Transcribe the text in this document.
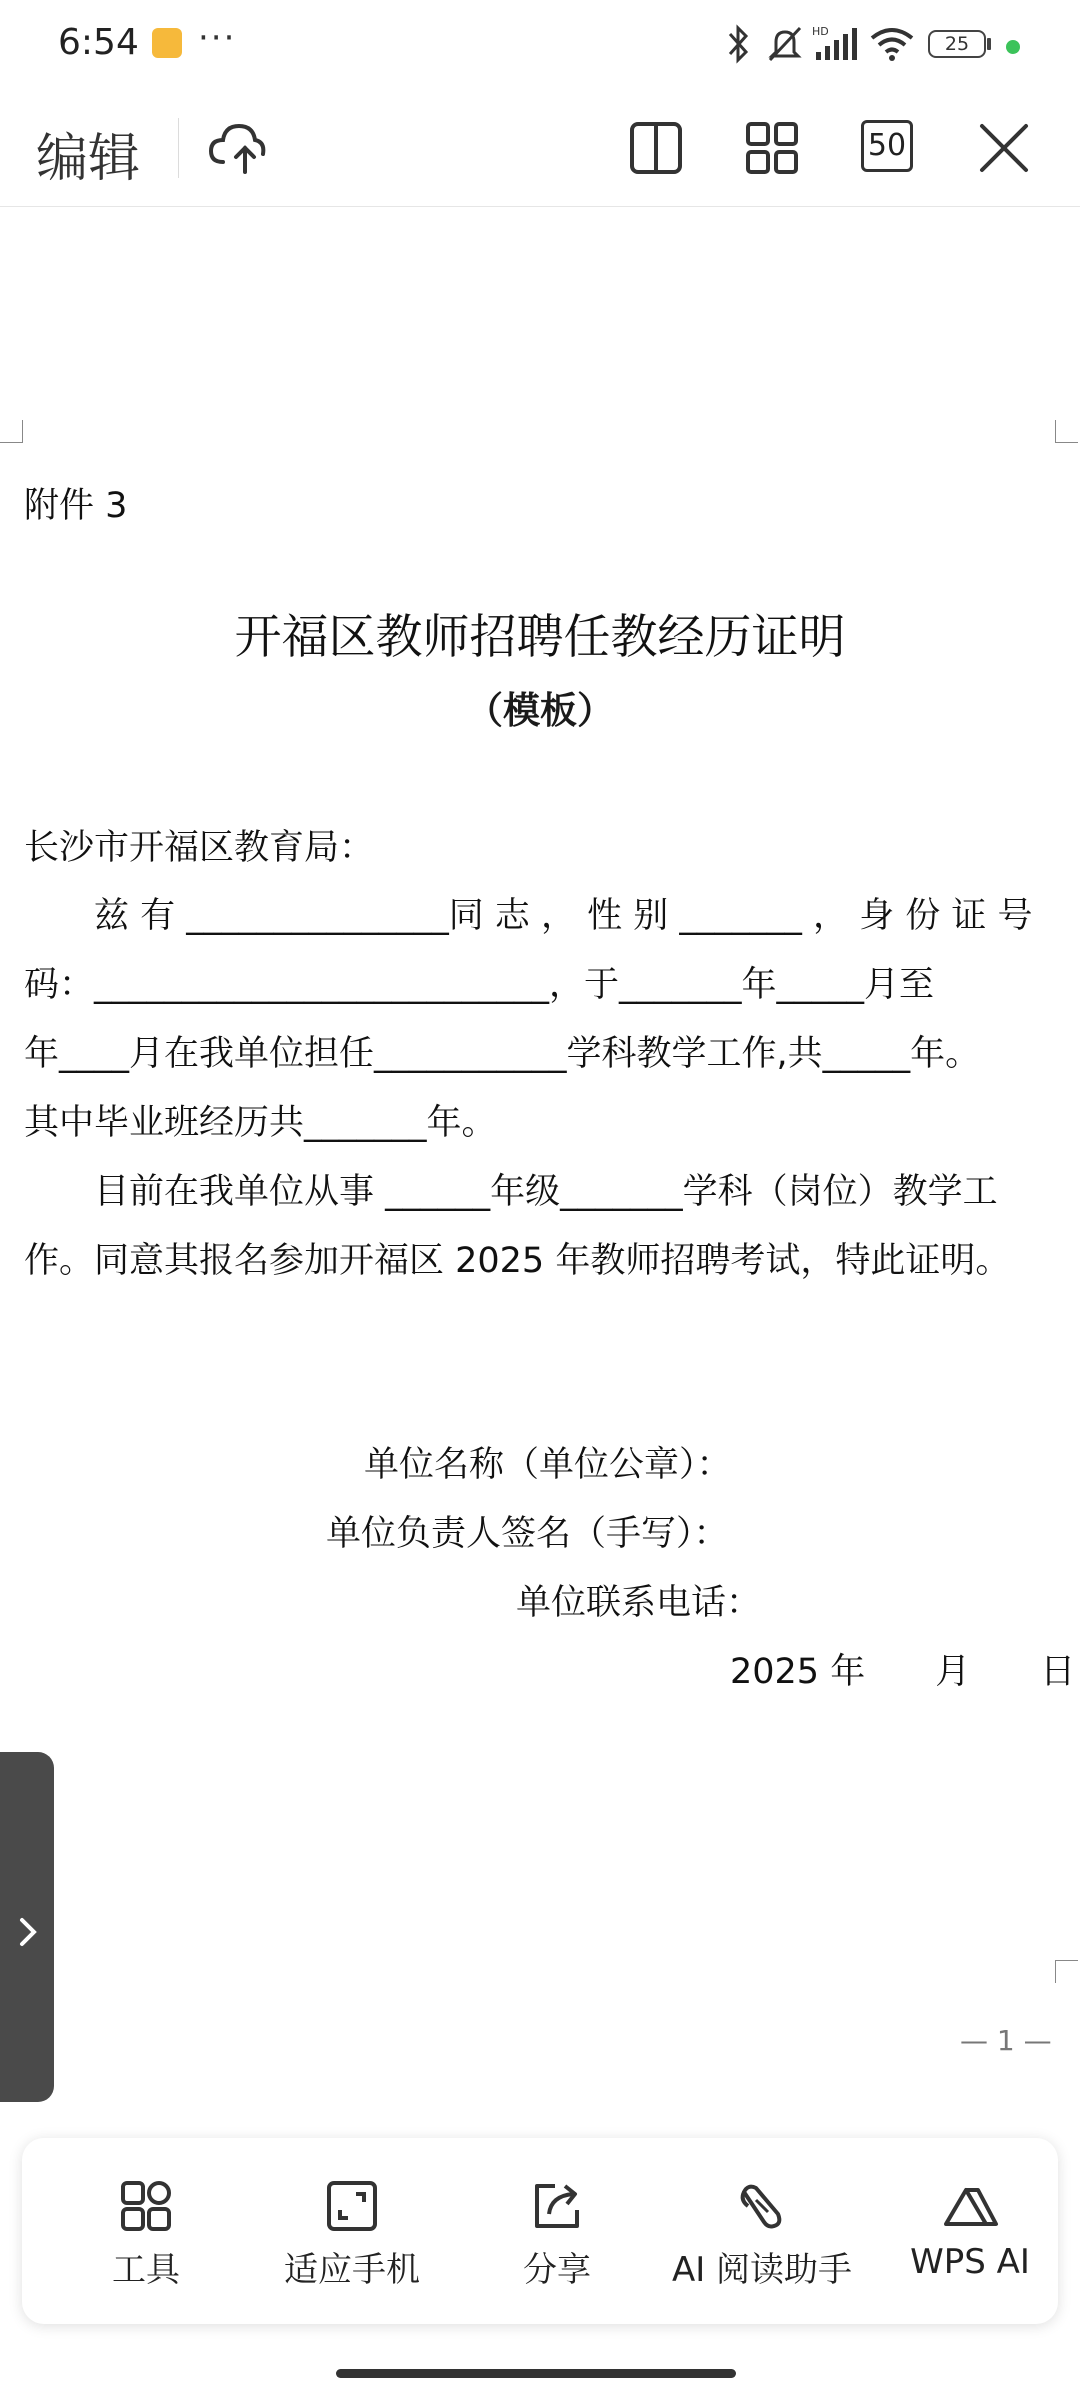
6:54 ···	HD
25
编辑	50
附件 3
开福区教师招聘任教经历证明
（模板）
长沙市开福区教育局：
　　兹 有 _______________同 志 ， 性 别 _______ ， 身 份 证 号
码：__________________________，于_______年_____月至
年____月在我单位担任___________学科教学工作,共_____年。
其中毕业班经历共_______年。
　　目前在我单位从事 ______年级_______学科（岗位）教学工
作。同意其报名参加开福区 2025 年教师招聘考试，特此证明。
单位名称（单位公章）：
单位负责人签名（手写）：
单位联系电话：
2025 年　　月　　日
— 1 —
工具	适应手机	分享	AI 阅读助手	WPS AI
